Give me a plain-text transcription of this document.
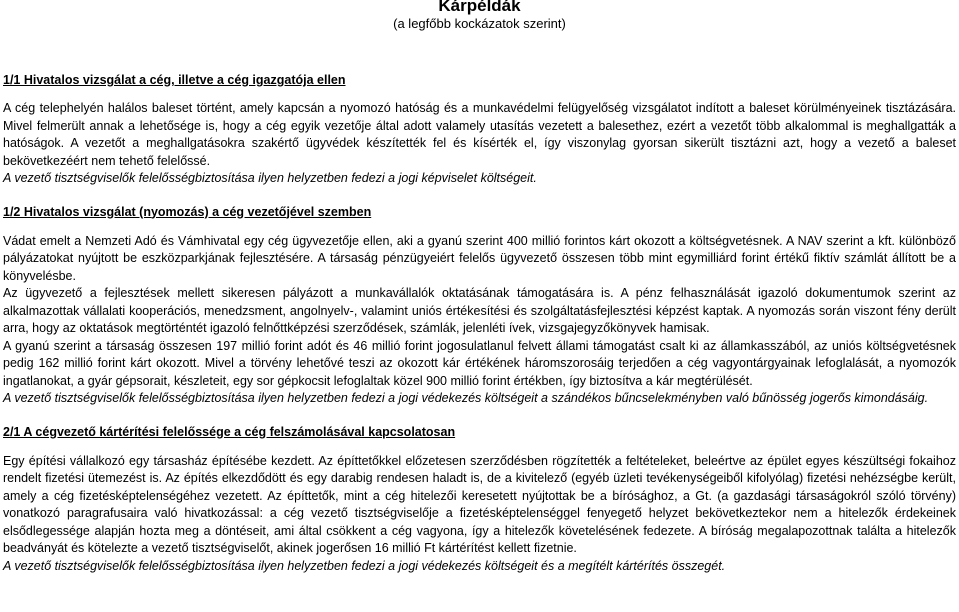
Kárpéldák
(a legfőbb kockázatok szerint)
1/1 Hivatalos vizsgálat a cég, illetve a cég igazgatója ellen
A cég telephelyén halálos baleset történt, amely kapcsán a nyomozó hatóság és a munkavédelmi felügyelőség vizsgálatot indított a baleset körülményeinek tisztázására. Mivel felmerült annak a lehetősége is, hogy a cég egyik vezetője által adott valamely utasítás vezetett a balesethez, ezért a vezetőt több alkalommal is meghallgatták a hatóságok. A vezetőt a meghallgatásokra szakértő ügyvédek készítették fel és kísérték el, így viszonylag gyorsan sikerült tisztázni azt, hogy a vezető a baleset bekövetkezéért nem tehető felelőssé.
A vezető tisztségviselők felelősségbiztosítása ilyen helyzetben fedezi a jogi képviselet költségeit.
1/2 Hivatalos vizsgálat (nyomozás) a cég vezetőjével szemben
Vádat emelt a Nemzeti Adó és Vámhivatal egy cég ügyvezetője ellen, aki a gyanú szerint 400 millió forintos kárt okozott a költségvetésnek. A NAV szerint a kft. különböző pályázatokat nyújtott be eszközparkjának fejlesztésére. A társaság pénzügyeiért felelős ügyvezető összesen több mint egymilliárd forint értékű fiktív számlát állított be a könyvelésbe.
Az ügyvezető a fejlesztések mellett sikeresen pályázott a munkavállalók oktatásának támogatására is. A pénz felhasználását igazoló dokumentumok szerint az alkalmazottak vállalati kooperációs, menedzsment, angolnyelv-, valamint uniós értékesítési és szolgáltatásfejlesztési képzést kaptak. A nyomozás során viszont fény derült arra, hogy az oktatások megtörténtét igazoló felnőttképzési szerződések, számlák, jelenléti ívek, vizsgajegyzőkönyvek hamisak.
A gyanú szerint a társaság összesen 197 millió forint adót és 46 millió forint jogosulatlanul felvett állami támogatást csalt ki az államkasszából, az uniós költségvetésnek pedig 162 millió forint kárt okozott. Mivel a törvény lehetővé teszi az okozott kár értékének háromszorosáig terjedően a cég vagyontárgyainak lefoglalását, a nyomozók ingatlanokat, a gyár gépsorait, készleteit, egy sor gépkocsit lefoglaltak közel 900 millió forint értékben, így biztosítva a kár megtérülését.
A vezető tisztségviselők felelősségbiztosítása ilyen helyzetben fedezi a jogi védekezés költségeit a szándékos bűncselekményben való bűnösség jogerős kimondásáig.
2/1 A cégvezető kártérítési felelőssége a cég felszámolásával kapcsolatosan
Egy építési vállalkozó egy társasház építésébe kezdett. Az építtetőkkel előzetesen szerződésben rögzítették a feltételeket, beleértve az épület egyes készültségi fokaihoz rendelt fizetési ütemezést is. Az építés elkezdődött és egy darabig rendesen haladt is, de a kivitelező (egyéb üzleti tevékenységeiből kifolyólag) fizetési nehézségbe került, amely a cég fizetésképtelenségéhez vezetett. Az építtetők, mint a cég hitelezői keresetett nyújtottak be a bírósághoz, a Gt. (a gazdasági társaságokról szóló törvény) vonatkozó paragrafusaira való hivatkozással: a cég vezető tisztségviselője a fizetésképtelenséggel fenyegető helyzet bekövetkeztekor nem a hitelezők érdekeinek elsődlegessége alapján hozta meg a döntéseit, ami által csökkent a cég vagyona, így a hitelezők követelésének fedezete. A bíróság megalapozottnak találta a hitelezők beadványát és kötelezte a vezető tisztségviselőt, akinek jogerősen 16 millió Ft kártérítést kellett fizetnie.
A vezető tisztségviselők felelősségbiztosítása ilyen helyzetben fedezi a jogi védekezés költségeit és a megítélt kártérítés összegét.
